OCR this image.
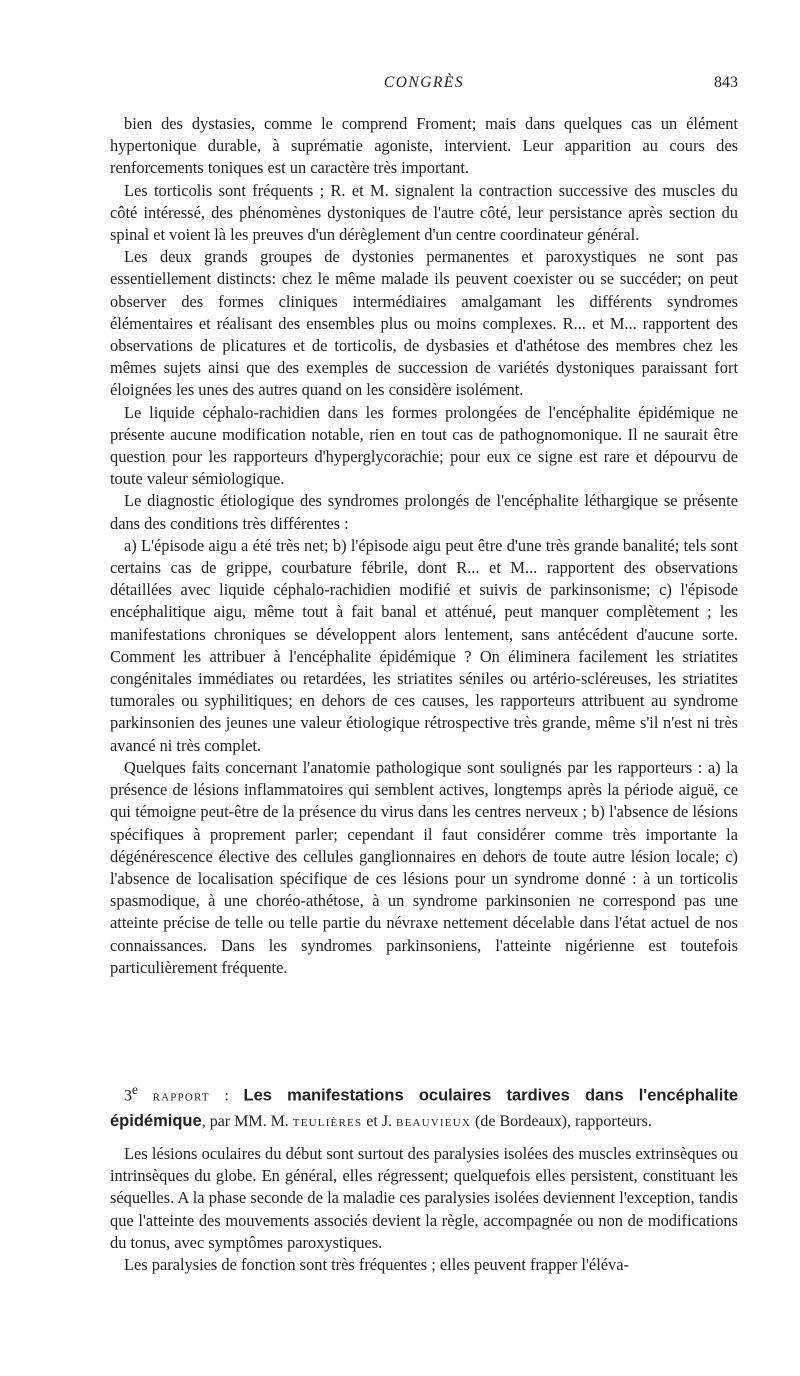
CONGRÈS	843

bien des dystasies, comme le comprend Froment; mais dans quelques cas un élément hypertonique durable, à suprématie agoniste, intervient. Leur apparition au cours des renforcements toniques est un caractère très important.

Les torticolis sont fréquents ; R. et M. signalent la contraction successive des muscles du côté intéressé, des phénomènes dystoniques de l'autre côté, leur persistance après section du spinal et voient là les preuves d'un dérèglement d'un centre coordinateur général.

Les deux grands groupes de dystonies permanentes et paroxystiques ne sont pas essentiellement distincts: chez le même malade ils peuvent coexister ou se succéder; on peut observer des formes cliniques intermédiaires amalgamant les différents syndromes élémentaires et réalisant des ensembles plus ou moins complexes. R... et M... rapportent des observations de plicatures et de torticolis, de dysbasies et d'athétose des membres chez les mêmes sujets ainsi que des exemples de succession de variétés dystoniques paraissant fort éloignées les unes des autres quand on les considère isolément.

Le liquide céphalo-rachidien dans les formes prolongées de l'encéphalite épidémique ne présente aucune modification notable, rien en tout cas de pathognomonique. Il ne saurait être question pour les rapporteurs d'hyperglycorachie; pour eux ce signe est rare et dépourvu de toute valeur sémiologique.

Le diagnostic étiologique des syndromes prolongés de l'encéphalite léthargique se présente dans des conditions très différentes :

a) L'épisode aigu a été très net; b) l'épisode aigu peut être d'une très grande banalité; tels sont certains cas de grippe, courbature fébrile, dont R... et M... rapportent des observations détaillées avec liquide céphalo-rachidien modifié et suivis de parkinsonisme; c) l'épisode encéphalitique aigu, même tout à fait banal et atténué, peut manquer complètement ; les manifestations chroniques se développent alors lentement, sans antécédent d'aucune sorte. Comment les attribuer à l'encéphalite épidémique ? On éliminera facilement les striatites congénitales immédiates ou retardées, les striatites séniles ou artério-scléreuses, les striatites tumorales ou syphilitiques; en dehors de ces causes, les rapporteurs attribuent au syndrome parkinsonien des jeunes une valeur étiologique rétrospective très grande, même s'il n'est ni très avancé ni très complet.

Quelques faits concernant l'anatomie pathologique sont soulignés par les rapporteurs : a) la présence de lésions inflammatoires qui semblent actives, longtemps après la période aiguë, ce qui témoigne peut-être de la présence du virus dans les centres nerveux ; b) l'absence de lésions spécifiques à proprement parler; cependant il faut considérer comme très importante la dégénérescence élective des cellules ganglionnaires en dehors de toute autre lésion locale; c) l'absence de localisation spécifique de ces lésions pour un syndrome donné : à un torticolis spasmodique, à une choréo-athétose, à un syndrome parkinsonien ne correspond pas une atteinte précise de telle ou telle partie du névraxe nettement décelable dans l'état actuel de nos connaissances. Dans les syndromes parkinsoniens, l'atteinte nigérienne est toutefois particulièrement fréquente.

3e RAPPORT : Les manifestations oculaires tardives dans l'encéphalite épidémique, par MM. M. TEULIÈRES et J. BEAUVIEUX (de Bordeaux), rapporteurs.

Les lésions oculaires du début sont surtout des paralysies isolées des muscles extrinsèques ou intrinsèques du globe. En général, elles régressent; quelquefois elles persistent, constituant les séquelles. A la phase seconde de la maladie ces paralysies isolées deviennent l'exception, tandis que l'atteinte des mouvements associés devient la règle, accompagnée ou non de modifications du tonus, avec symptômes paroxystiques.

Les paralysies de fonction sont très fréquentes ; elles peuvent frapper l'éléva-
